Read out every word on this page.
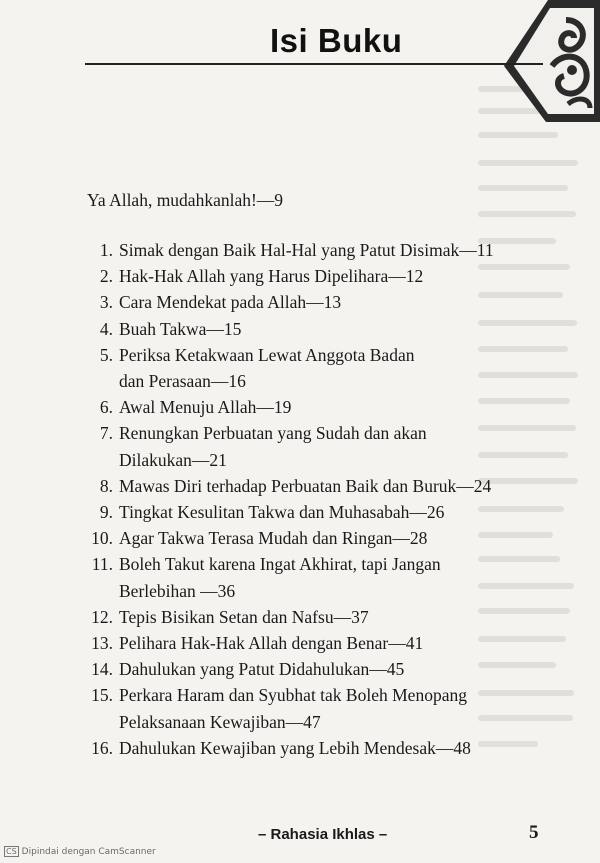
Isi Buku
Ya Allah, mudahkanlah!—9
1. Simak dengan Baik Hal-Hal yang Patut Disimak—11
2. Hak-Hak Allah yang Harus Dipelihara—12
3. Cara Mendekat pada Allah—13
4. Buah Takwa—15
5. Periksa Ketakwaan Lewat Anggota Badan
dan Perasaan—16
6. Awal Menuju Allah—19
7. Renungkan Perbuatan yang Sudah dan akan
Dilakukan—21
8. Mawas Diri terhadap Perbuatan Baik dan Buruk—24
9. Tingkat Kesulitan Takwa dan Muhasabah—26
10. Agar Takwa Terasa Mudah dan Ringan—28
11. Boleh Takut karena Ingat Akhirat, tapi Jangan
Berlebihan —36
12. Tepis Bisikan Setan dan Nafsu—37
13. Pelihara Hak-Hak Allah dengan Benar—41
14. Dahulukan yang Patut Didahulukan—45
15. Perkara Haram dan Syubhat tak Boleh Menopang
Pelaksanaan Kewajiban—47
16. Dahulukan Kewajiban yang Lebih Mendesak—48
– Rahasia Ikhlas –	5
CS Dipindai dengan CamScanner
